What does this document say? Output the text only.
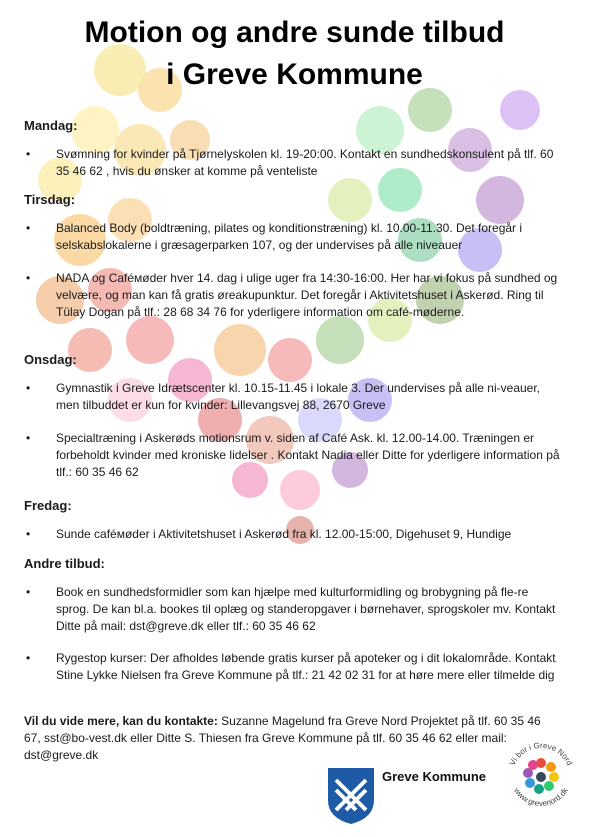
Motion og andre sunde tilbud
i Greve Kommune
Mandag:
• Svømning for kvinder på Tjørnelyskolen kl. 19-20:00. Kontakt en sundhedskonsulent på tlf. 60 35 46 62 , hvis du ønsker at komme på venteliste
Tirsdag:
• Balanced Body (boldtræning, pilates og konditionstræning) kl. 10.00-11.30. Det foregår i selskabslokalerne i græsagerparken 107, og der undervises på alle niveauer
• NADA og Caféмøder hver 14. dag i ulige uger fra 14:30-16:00. Her har vi fokus på sundhed og velvære, og man kan få gratis øreakupunktur. Det foregår i Aktivitetshuset i Askerød. Ring til Tülay Dogan på tlf.: 28 68 34 76 for yderligere information om café-møderne.
Onsdag:
• Gymnastik i Greve Idrætscenter kl. 10.15-11.45 i lokale 3. Der undervises på alle ni-veauer, men tilbuddet er kun for kvinder: Lillevangsvej 88, 2670 Greve
• Specialtræning i Askerøds motionsrum v. siden af Café Ask. kl. 12.00-14.00. Træningen er forbeholdt kvinder med kroniske lidelser . Kontakt Nadia eller Ditte for yderligere information på tlf.: 60 35 46 62
Fredag:
• Sunde caféмøder i Aktivitetshuset i Askerød fra kl. 12.00-15:00, Digehuset 9, Hundige
Andre tilbud:
• Book en sundhedsformidler som kan hjælpe med kulturformidling og brobygning på fle-re sprog. De kan bl.a. bookes til oplæg og standeropgaver i børnehaver, sprogskoler mv. Kontakt Ditte på mail: dst@greve.dk eller tlf.: 60 35 46 62
• Rygestop kurser: Der afholdes løbende gratis kurser på apoteker og i dit lokalområde. Kontakt Stine Lykke Nielsen fra Greve Kommune på tlf.: 21 42 02 31 for at høre mere eller tilmelde dig

Vil du vide mere, kan du kontakte: Suzanne Magelund fra Greve Nord Projektet på tlf. 60 35 46 67, sst@bo-vest.dk eller Ditte S. Thiesen fra Greve Kommune på tlf. 60 35 46 62 eller mail: dst@greve.dk

Greve Kommune
Vi bor i Greve Nord
www.grevenord.dk
